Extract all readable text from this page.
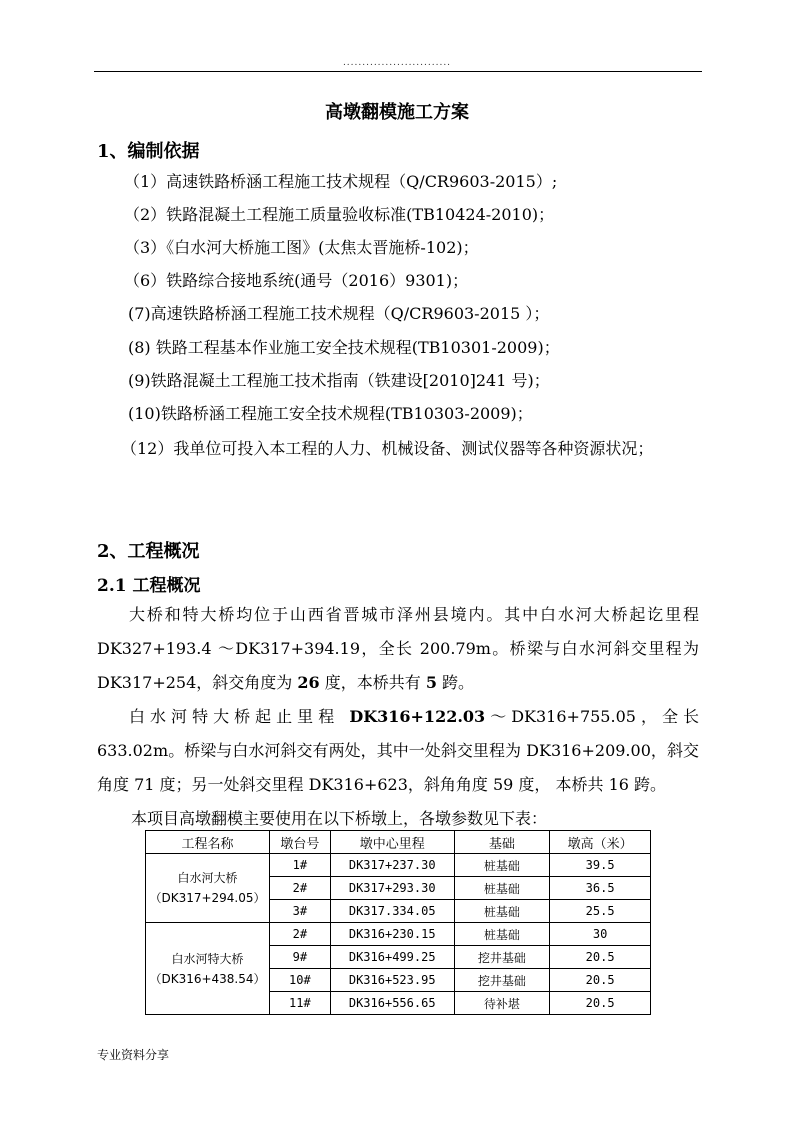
............................
高墩翻模施工方案
1、编制依据
（1）高速铁路桥涵工程施工技术规程（Q/CR9603-2015）;
（2）铁路混凝土工程施工质量验收标准(TB10424-2010)；
（3）《白水河大桥施工图》(太焦太晋施桥-102)；
（6）铁路综合接地系统(通号（2016）9301)；
(7)高速铁路桥涵工程施工技术规程（Q/CR9603-2015 ）；
(8) 铁路工程基本作业施工安全技术规程(TB10301-2009)；
(9)铁路混凝土工程施工技术指南（铁建设[2010]241 号)；
(10)铁路桥涵工程施工安全技术规程(TB10303-2009)；

（12）我单位可投入本工程的人力、机械设备、测试仪器等各种资源状况；

2、工程概况
2.1 工程概况

大桥和特大桥均位于山西省晋城市泽州县境内。其中白水河大桥起讫里程 DK327+193.4 ～DK317+394.19，全长 200.79m。桥梁与白水河斜交里程为 DK317+254，斜交角度为 26 度，本桥共有 5 跨。

白水河特大桥起止里程 DK316+122.03～DK316+755.05，全长 633.02m。桥梁与白水河斜交有两处，其中一处斜交里程为 DK316+209.00，斜交角度 71 度；另一处斜交里程 DK316+623，斜角角度 59 度， 本桥共 16 跨。

本项目高墩翻模主要使用在以下桥墩上，各墩参数见下表：
工程名称	墩台号	墩中心里程	基础	墩高（米）

白水河大桥
（DK317+294.05）	1#	DK317+237.30	桩基础	39.5
	2#	DK317+293.30	桩基础	36.5
	3#	DK317.334.05	桩基础	25.5

白水河特大桥
（DK316+438.54）	2#	DK316+230.15	桩基础	30
	9#	DK316+499.25	挖井基础	20.5
	10#	DK316+523.95	挖井基础	20.5
	11#	DK316+556.65	待补堪	20.5
专业资料分享
